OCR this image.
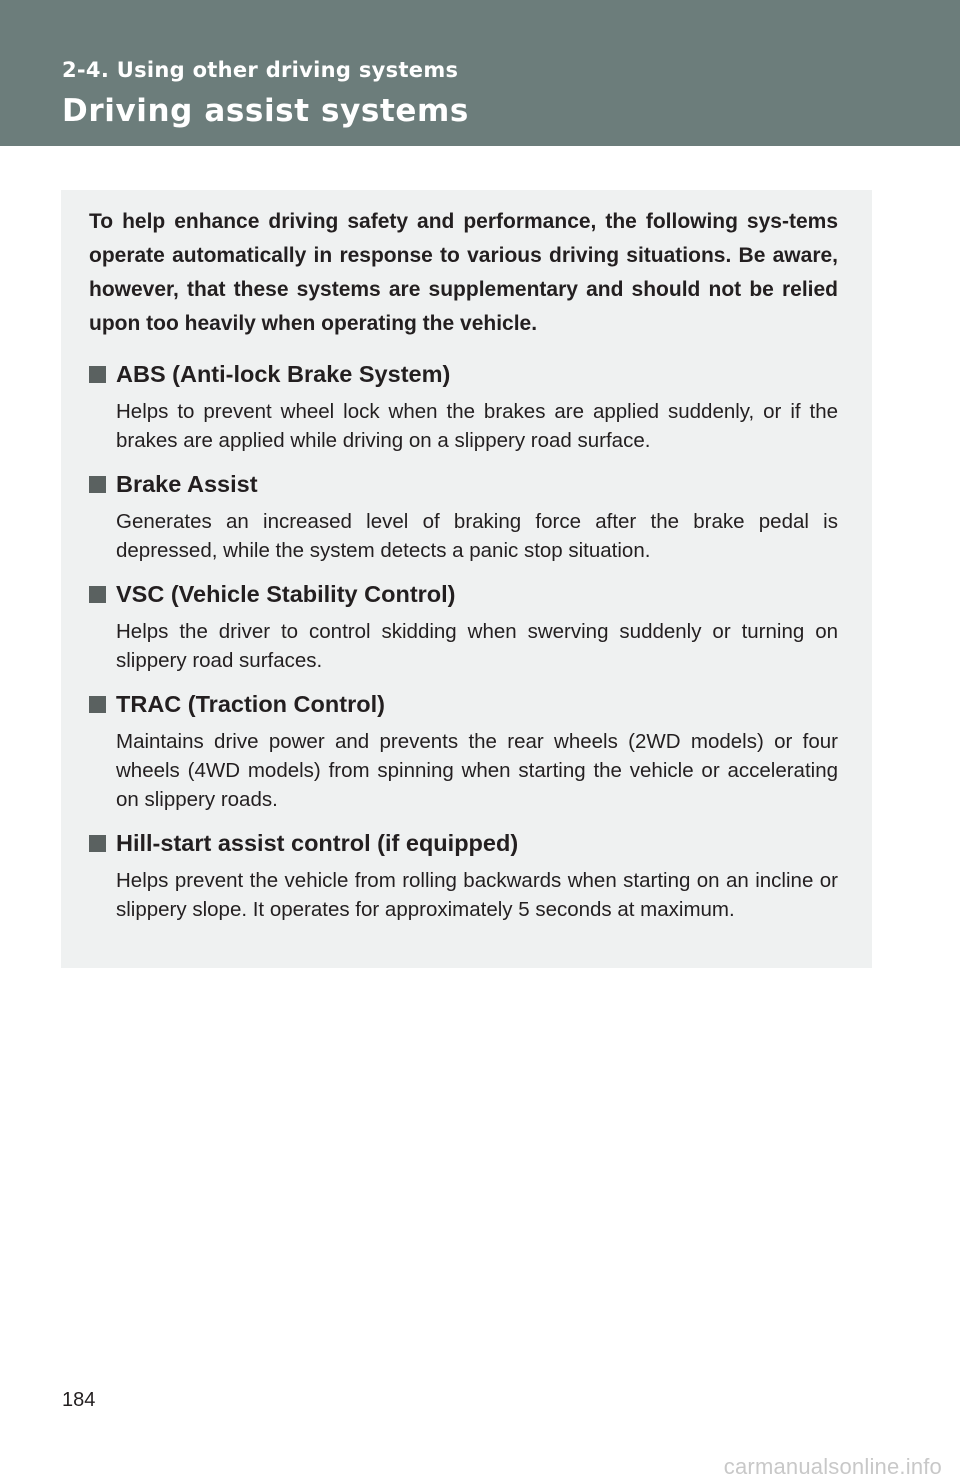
2-4. Using other driving systems
Driving assist systems

To help enhance driving safety and performance, the following sys-tems operate automatically in response to various driving situations. Be aware, however, that these systems are supplementary and should not be relied upon too heavily when operating the vehicle.

ABS (Anti-lock Brake System)

Helps to prevent wheel lock when the brakes are applied suddenly, or if the brakes are applied while driving on a slippery road surface.

Brake Assist

Generates an increased level of braking force after the brake pedal is depressed, while the system detects a panic stop situation.

VSC (Vehicle Stability Control)

Helps the driver to control skidding when swerving suddenly or turning on slippery road surfaces.

TRAC (Traction Control)

Maintains drive power and prevents the rear wheels (2WD models) or four wheels (4WD models) from spinning when starting the vehicle or accelerating on slippery roads.

Hill-start assist control (if equipped)

Helps prevent the vehicle from rolling backwards when starting on an incline or slippery slope. It operates for approximately 5 seconds at maximum.

184
carmanualsonline.info
